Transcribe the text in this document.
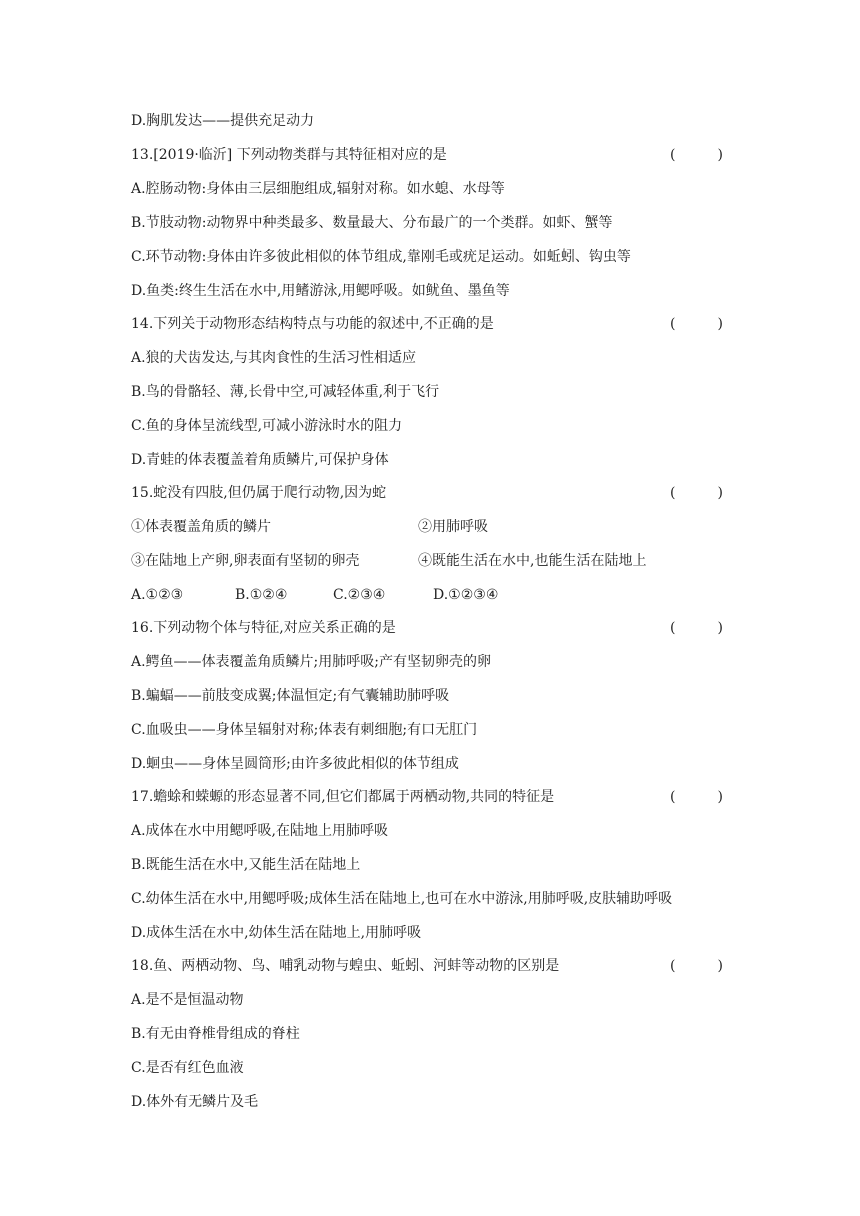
D.胸肌发达——提供充足动力
13.[2019·临沂] 下列动物类群与其特征相对应的是	(　　　)
A.腔肠动物:身体由三层细胞组成,辐射对称。如水螅、水母等
B.节肢动物:动物界中种类最多、数量最大、分布最广的一个类群。如虾、蟹等
C.环节动物:身体由许多彼此相似的体节组成,靠刚毛或疣足运动。如蚯蚓、钩虫等
D.鱼类:终生生活在水中,用鳍游泳,用鳃呼吸。如鱿鱼、墨鱼等
14.下列关于动物形态结构特点与功能的叙述中,不正确的是	(　　　)
A.狼的犬齿发达,与其肉食性的生活习性相适应
B.鸟的骨骼轻、薄,长骨中空,可减轻体重,利于飞行
C.鱼的身体呈流线型,可减小游泳时水的阻力
D.青蛙的体表覆盖着角质鳞片,可保护身体
15.蛇没有四肢,但仍属于爬行动物,因为蛇	(　　　)
①体表覆盖角质的鳞片	②用肺呼吸
③在陆地上产卵,卵表面有坚韧的卵壳	④既能生活在水中,也能生活在陆地上
A.①②③	B.①②④	C.②③④	D.①②③④
16.下列动物个体与特征,对应关系正确的是	(　　　)
A.鳄鱼——体表覆盖角质鳞片;用肺呼吸;产有坚韧卵壳的卵
B.蝙蝠——前肢变成翼;体温恒定;有气囊辅助肺呼吸
C.血吸虫——身体呈辐射对称;体表有刺细胞;有口无肛门
D.蛔虫——身体呈圆筒形;由许多彼此相似的体节组成
17.蟾蜍和蝾螈的形态显著不同,但它们都属于两栖动物,共同的特征是	(　　　)
A.成体在水中用鳃呼吸,在陆地上用肺呼吸
B.既能生活在水中,又能生活在陆地上
C.幼体生活在水中,用鳃呼吸;成体生活在陆地上,也可在水中游泳,用肺呼吸,皮肤辅助呼吸
D.成体生活在水中,幼体生活在陆地上,用肺呼吸
18.鱼、两栖动物、鸟、哺乳动物与蝗虫、蚯蚓、河蚌等动物的区别是	(　　　)
A.是不是恒温动物
B.有无由脊椎骨组成的脊柱
C.是否有红色血液
D.体外有无鳞片及毛
